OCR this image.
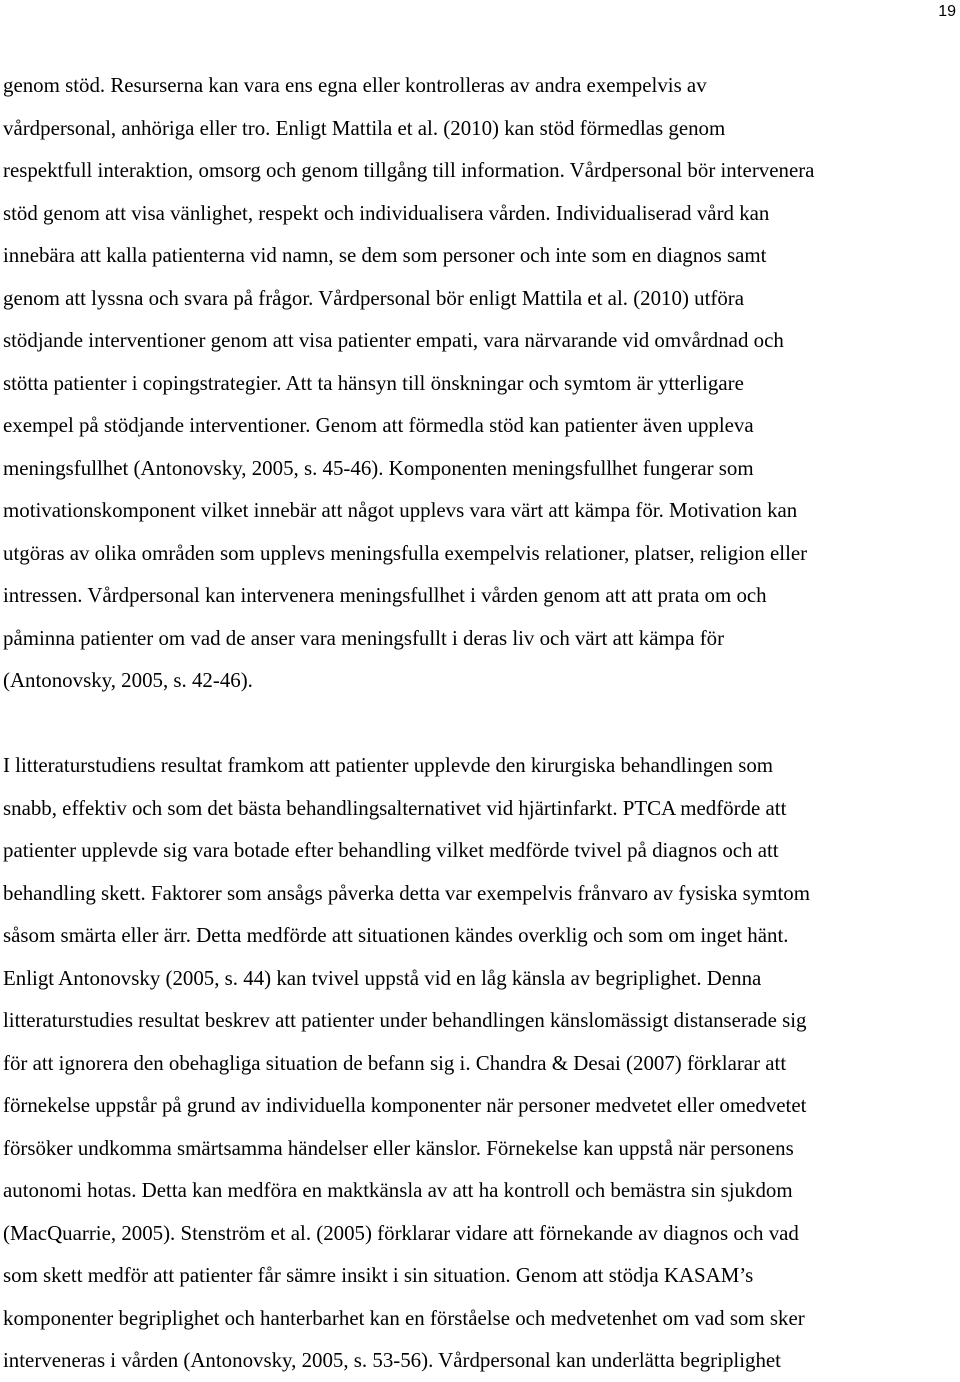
19

genom stöd. Resurserna kan vara ens egna eller kontrolleras av andra exempelvis av
vårdpersonal, anhöriga eller tro. Enligt Mattila et al. (2010) kan stöd förmedlas genom
respektfull interaktion, omsorg och genom tillgång till information. Vårdpersonal bör intervenera
stöd genom att visa vänlighet, respekt och individualisera vården. Individualiserad vård kan
innebära att kalla patienterna vid namn, se dem som personer och inte som en diagnos samt
genom att lyssna och svara på frågor. Vårdpersonal bör enligt Mattila et al. (2010) utföra
stödjande interventioner genom att visa patienter empati, vara närvarande vid omvårdnad och
stötta patienter i copingstrategier. Att ta hänsyn till önskningar och symtom är ytterligare
exempel på stödjande interventioner. Genom att förmedla stöd kan patienter även uppleva
meningsfullhet (Antonovsky, 2005, s. 45-46). Komponenten meningsfullhet fungerar som
motivationskomponent vilket innebär att något upplevs vara värt att kämpa för. Motivation kan
utgöras av olika områden som upplevs meningsfulla exempelvis relationer, platser, religion eller
intressen. Vårdpersonal kan intervenera meningsfullhet i vården genom att att prata om och
påminna patienter om vad de anser vara meningsfullt i deras liv och värt att kämpa för
(Antonovsky, 2005, s. 42-46).

I litteraturstudiens resultat framkom att patienter upplevde den kirurgiska behandlingen som
snabb, effektiv och som det bästa behandlingsalternativet vid hjärtinfarkt. PTCA medförde att
patienter upplevde sig vara botade efter behandling vilket medförde tvivel på diagnos och att
behandling skett. Faktorer som ansågs påverka detta var exempelvis frånvaro av fysiska symtom
såsom smärta eller ärr. Detta medförde att situationen kändes overklig och som om inget hänt.
Enligt Antonovsky (2005, s. 44) kan tvivel uppstå vid en låg känsla av begriplighet. Denna
litteraturstudies resultat beskrev att patienter under behandlingen känslomässigt distanserade sig
för att ignorera den obehagliga situation de befann sig i. Chandra & Desai (2007) förklarar att
förnekelse uppstår på grund av individuella komponenter när personer medvetet eller omedvetet
försöker undkomma smärtsamma händelser eller känslor. Förnekelse kan uppstå när personens
autonomi hotas. Detta kan medföra en maktkänsla av att ha kontroll och bemästra sin sjukdom
(MacQuarrie, 2005). Stenström et al. (2005) förklarar vidare att förnekande av diagnos och vad
som skett medför att patienter får sämre insikt i sin situation. Genom att stödja KASAM’s
komponenter begriplighet och hanterbarhet kan en förståelse och medvetenhet om vad som sker
interveneras i vården (Antonovsky, 2005, s. 53-56). Vårdpersonal kan underlätta begriplighet
